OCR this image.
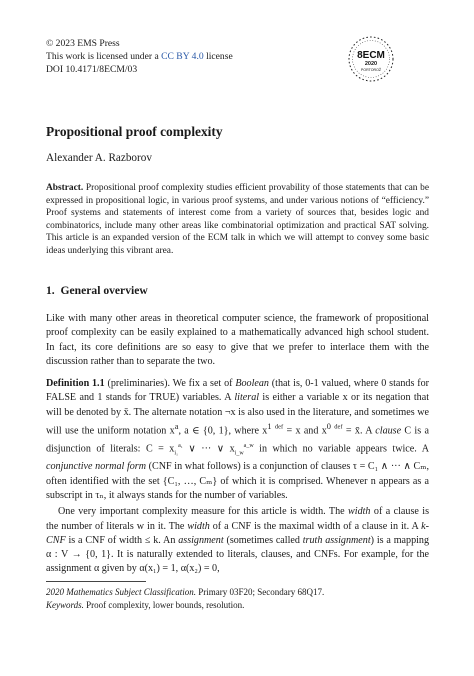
© 2023 EMS Press
This work is licensed under a CC BY 4.0 license
DOI 10.4171/8ECM/03
8ECM
2020
PORTOROŽ
Propositional proof complexity
Alexander A. Razborov
Abstract. Propositional proof complexity studies efficient provability of those statements that can be expressed in propositional logic, in various proof systems, and under various notions of “efficiency.” Proof systems and statements of interest come from a variety of sources that, besides logic and combinatorics, include many other areas like combinatorial optimization and practical SAT solving. This article is an expanded version of the ECM talk in which we will attempt to convey some basic ideas underlying this vibrant area.
1. General overview

Like with many other areas in theoretical computer science, the framework of propositional proof complexity can be easily explained to a mathematically advanced high school student. In fact, its core definitions are so easy to give that we prefer to interlace them with the discussion rather than to separate the two.

Definition 1.1 (preliminaries). We fix a set of Boolean (that is, 0-1 valued, where 0 stands for FALSE and 1 stands for TRUE) variables. A literal is either a variable x or its negation that will be denoted by x̄. The alternate notation ¬x is also used in the literature, and sometimes we will use the uniform notation $x^a$, a ∈ {0, 1}, where $x^1$ $^{def}$ = x and $x^0$ $^{def}$ = x̄. A clause C is a disjunction of literals: $C = x_{i_1}^{a_1}$ ∨ ··· ∨ $x_{i\_w}^{a\_w}$ in which no variable appears twice. A conjunctive normal form (CNF in what follows) is a conjunction of clauses τ = C₁ ∧ ··· ∧ Cₘ, often identified with the set {C₁, …, Cₘ} of which it is comprised. Whenever n appears as a subscript in τₙ, it always stands for the number of variables.

One very important complexity measure for this article is width. The width of a clause is the number of literals w in it. The width of a CNF is the maximal width of a clause in it. A k-CNF is a CNF of width ≤ k. An assignment (sometimes called truth assignment) is a mapping α : V → {0, 1}. It is naturally extended to literals, clauses, and CNFs. For example, for the assignment α given by α(x₁) = 1, α(x₂) = 0,

2020 Mathematics Subject Classification. Primary 03F20; Secondary 68Q17.
Keywords. Proof complexity, lower bounds, resolution.
